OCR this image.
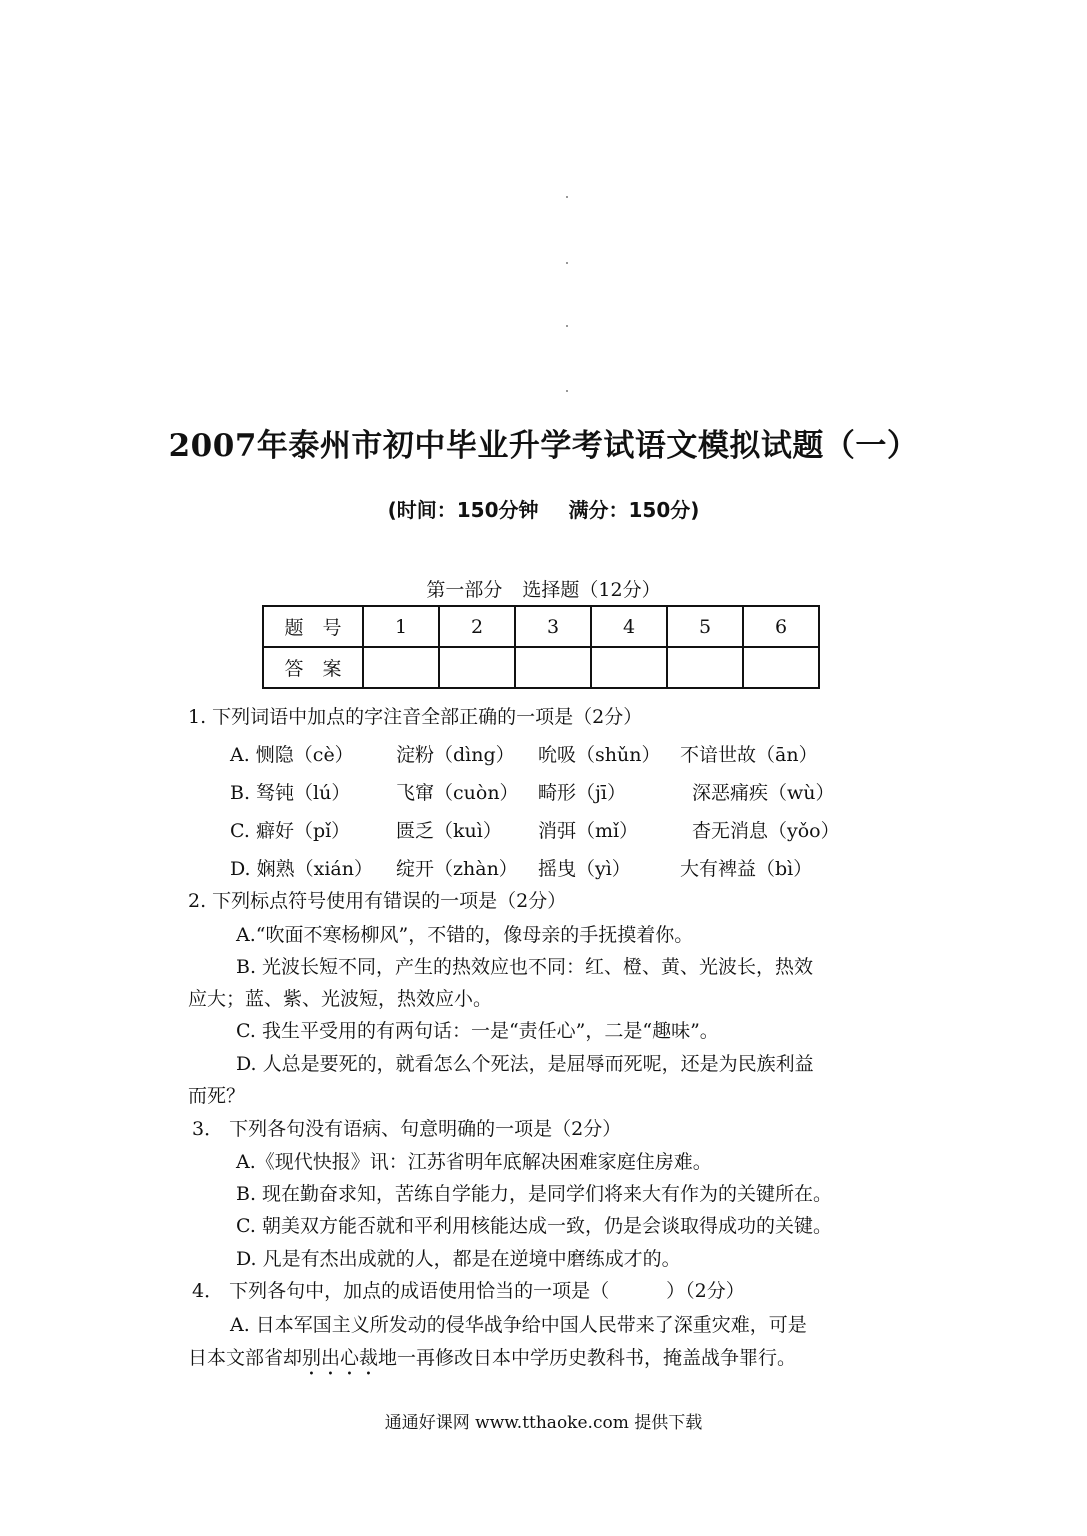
2007年泰州市初中毕业升学考试语文模拟试题（一）
(时间：150分钟 满分：150分)
第一部分 选择题（12分）
题　号	1	2	3	4	5	6
答　案						
1. 下列词语中加点的字注音全部正确的一项是（2分）
A. 恻隐（cè） 淀粉（dìng） 吮吸（shǔn） 不谙世故（ān）
B. 驽钝（lú） 飞窜（cuòn） 畸形（jī）	深恶痛疾（wù）
C. 癖好（pǐ） 匮乏（kuì） 消弭（mǐ）	杳无消息（yǒo）
D. 娴熟（xián） 绽开（zhàn） 摇曳（yì）	大有裨益（bì）
2. 下列标点符号使用有错误的一项是（2分）
A.“吹面不寒杨柳风”，不错的，像母亲的手抚摸着你。
B. 光波长短不同，产生的热效应也不同：红、橙、黄、光波长，热效
应大；蓝、紫、光波短，热效应小。
C. 我生平受用的有两句话：一是“责任心”，二是“趣味”。
D. 人总是要死的，就看怎么个死法，是屈辱而死呢，还是为民族利益
而死？
3． 下列各句没有语病、句意明确的一项是（2分）
A.《现代快报》讯：江苏省明年底解决困难家庭住房难。
B. 现在勤奋求知，苦练自学能力，是同学们将来大有作为的关键所在。
C. 朝美双方能否就和平利用核能达成一致，仍是会谈取得成功的关键。
D. 凡是有杰出成就的人，都是在逆境中磨练成才的。
4． 下列各句中，加点的成语使用恰当的一项是（　　　）（2分）
A. 日本军国主义所发动的侵华战争给中国人民带来了深重灾难，可是
日本文部省却别出心裁地一再修改日本中学历史教科书，掩盖战争罪行。
通通好课网 www.tthaoke.com 提供下载
